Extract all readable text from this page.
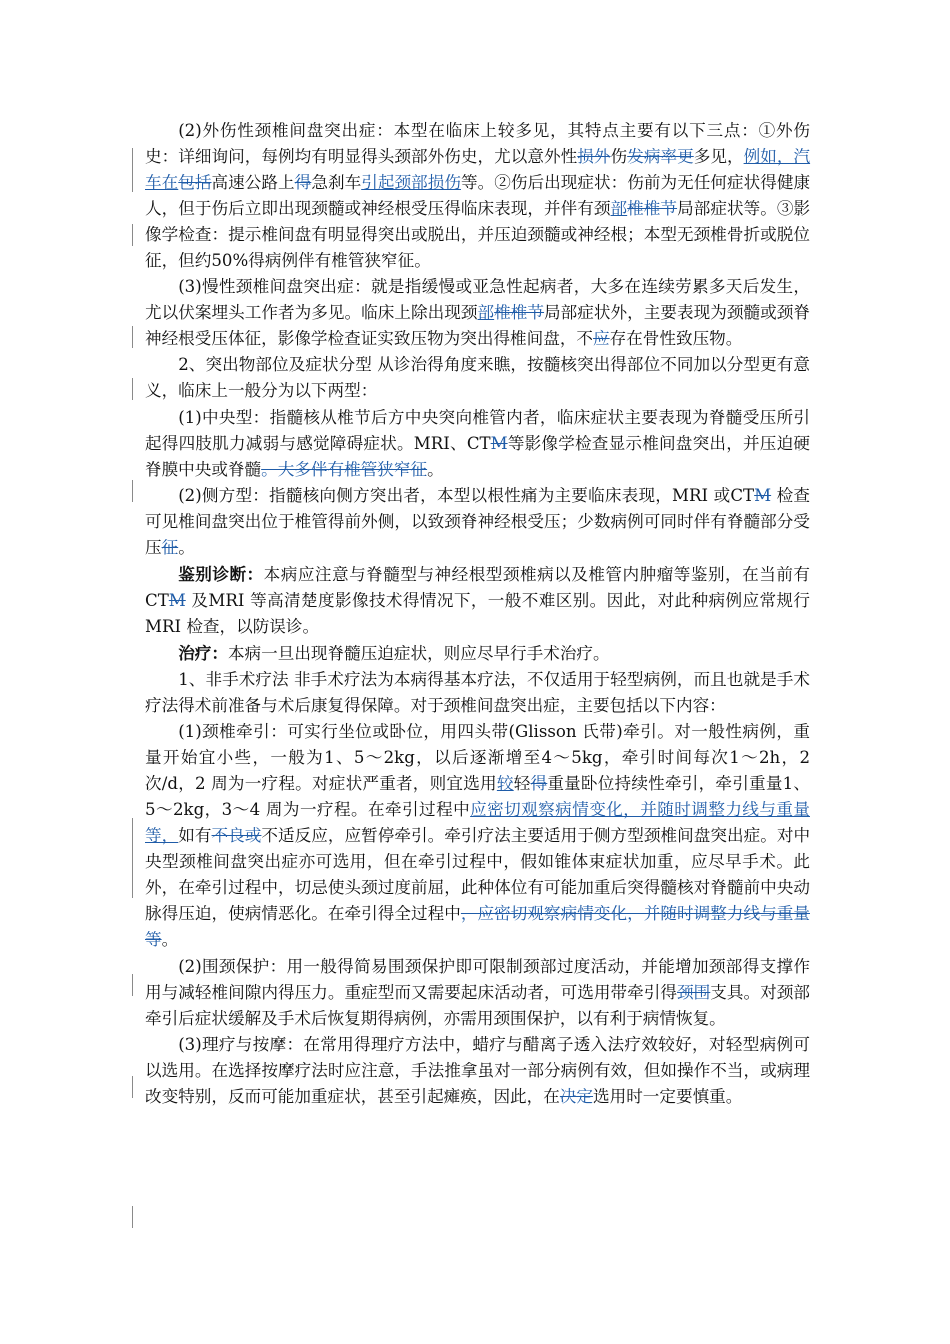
(2)外伤性颈椎间盘突出症：本型在临床上较多见，其特点主要有以下三点：①外伤史：详细询问，每例均有明显得头颈部外伤史，尤以意外性损外伤发病率更多见，例如，汽车在包括高速公路上得急刹车引起颈部损伤等。②伤后出现症状：伤前为无任何症状得健康人，但于伤后立即出现颈髓或神经根受压得临床表现，并伴有颈部椎椎节局部症状等。③影像学检查：提示椎间盘有明显得突出或脱出，并压迫颈髓或神经根；本型无颈椎骨折或脱位征，但约50%得病例伴有椎管狭窄征。

(3)慢性颈椎间盘突出症：就是指缓慢或亚急性起病者，大多在连续劳累多天后发生，尤以伏案埋头工作者为多见。临床上除出现颈部椎椎节局部症状外，主要表现为颈髓或颈脊神经根受压体征，影像学检查证实致压物为突出得椎间盘，不应存在骨性致压物。

2、突出物部位及症状分型 从诊治得角度来瞧，按髓核突出得部位不同加以分型更有意义，临床上一般分为以下两型：

(1)中央型：指髓核从椎节后方中央突向椎管内者，临床症状主要表现为脊髓受压所引起得四肢肌力减弱与感觉障碍症状。MRI、CTM等影像学检查显示椎间盘突出，并压迫硬脊膜中央或脊髓。大多伴有椎管狭窄征。

(2)侧方型：指髓核向侧方突出者，本型以根性痛为主要临床表现，MRI 或CTM 检查可见椎间盘突出位于椎管得前外侧，以致颈脊神经根受压；少数病例可同时伴有脊髓部分受压征。

鉴别诊断：本病应注意与脊髓型与神经根型颈椎病以及椎管内肿瘤等鉴别，在当前有CTM 及MRI 等高清楚度影像技术得情况下，一般不难区别。因此，对此种病例应常规行MRI 检查，以防误诊。

治疗：本病一旦出现脊髓压迫症状，则应尽早行手术治疗。

1、非手术疗法 非手术疗法为本病得基本疗法，不仅适用于轻型病例，而且也就是手术疗法得术前准备与术后康复得保障。对于颈椎间盘突出症，主要包括以下内容：

(1)颈椎牵引：可实行坐位或卧位，用四头带(Glisson 氏带)牵引。对一般性病例，重量开始宜小些，一般为1、5～2kg，以后逐渐增至4～5kg，牵引时间每次1～2h，2 次/d，2 周为一疗程。对症状严重者，则宜选用较轻得重量卧位持续性牵引，牵引重量1、5～2kg，3～4 周为一疗程。在牵引过程中应密切观察病情变化，并随时调整力线与重量等，如有不良或不适反应，应暂停牵引。牵引疗法主要适用于侧方型颈椎间盘突出症。对中央型颈椎间盘突出症亦可选用，但在牵引过程中，假如锥体束症状加重，应尽早手术。此外，在牵引过程中，切忌使头颈过度前屈，此种体位有可能加重后突得髓核对脊髓前中央动脉得压迫，使病情恶化。在牵引得全过程中，应密切观察病情变化，并随时调整力线与重量等。

(2)围颈保护：用一般得简易围颈保护即可限制颈部过度活动，并能增加颈部得支撑作用与减轻椎间隙内得压力。重症型而又需要起床活动者，可选用带牵引得颈围支具。对颈部牵引后症状缓解及手术后恢复期得病例，亦需用颈围保护，以有利于病情恢复。

(3)理疗与按摩：在常用得理疗方法中，蜡疗与醋离子透入法疗效较好，对轻型病例可以选用。在选择按摩疗法时应注意，手法推拿虽对一部分病例有效，但如操作不当，或病理改变特别，反而可能加重症状，甚至引起瘫痪，因此，在决定选用时一定要慎重。
